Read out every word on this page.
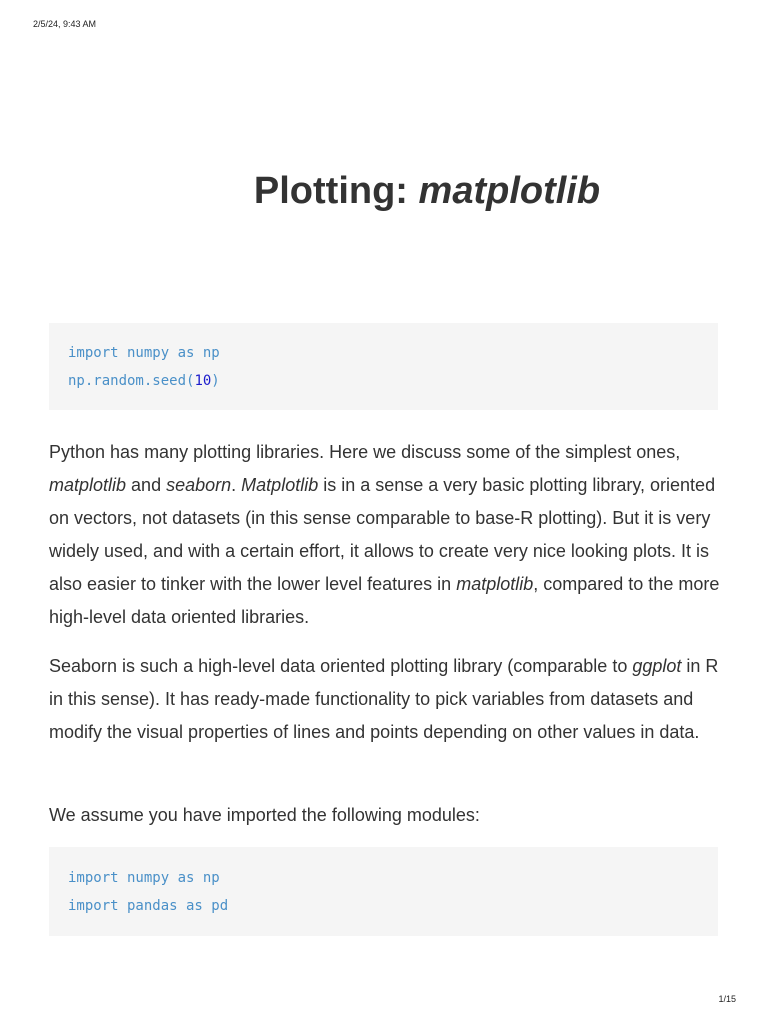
2/5/24, 9:43 AM
Plotting: matplotlib
import numpy as np
np.random.seed(10)

Python has many plotting libraries. Here we discuss some of the simplest ones, matplotlib and seaborn. Matplotlib is in a sense a very basic plotting library, oriented on vectors, not datasets (in this sense comparable to base-R plotting). But it is very widely used, and with a certain effort, it allows to create very nice looking plots. It is also easier to tinker with the lower level features in matplotlib, compared to the more high-level data oriented libraries.

Seaborn is such a high-level data oriented plotting library (comparable to ggplot in R in this sense). It has ready-made functionality to pick variables from datasets and modify the visual properties of lines and points depending on other values in data.

We assume you have imported the following modules:

import numpy as np
import pandas as pd
1/15
